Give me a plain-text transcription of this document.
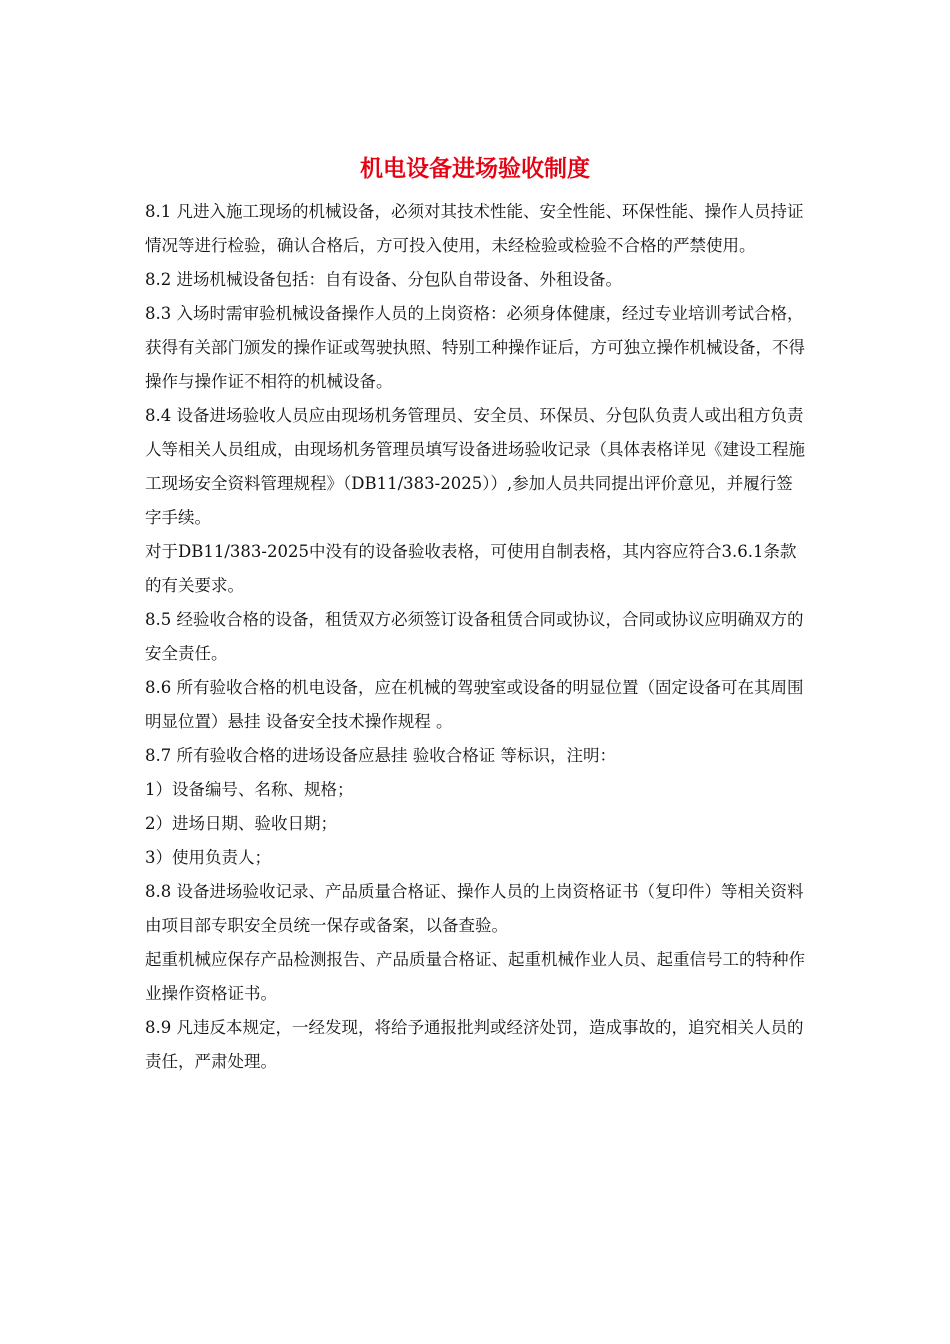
机电设备进场验收制度

8.1 凡进入施工现场的机械设备，必须对其技术性能、安全性能、环保性能、操作人员持证情况等进行检验，确认合格后，方可投入使用，未经检验或检验不合格的严禁使用。

8.2 进场机械设备包括：自有设备、分包队自带设备、外租设备。

8.3 入场时需审验机械设备操作人员的上岗资格：必须身体健康，经过专业培训考试合格，获得有关部门颁发的操作证或驾驶执照、特别工种操作证后，方可独立操作机械设备，不得操作与操作证不相符的机械设备。

8.4 设备进场验收人员应由现场机务管理员、安全员、环保员、分包队负责人或出租方负责人等相关人员组成，由现场机务管理员填写设备进场验收记录（具体表格详见《建设工程施工现场安全资料管理规程》（DB11/383-2025））,参加人员共同提出评价意见，并履行签字手续。

对于DB11/383-2025中没有的设备验收表格，可使用自制表格，其内容应符合3.6.1条款的有关要求。

8.5 经验收合格的设备，租赁双方必须签订设备租赁合同或协议，合同或协议应明确双方的安全责任。

8.6 所有验收合格的机电设备，应在机械的驾驶室或设备的明显位置（固定设备可在其周围明显位置）悬挂 设备安全技术操作规程 。

8.7 所有验收合格的进场设备应悬挂 验收合格证 等标识，注明：

1）设备编号、名称、规格；

2）进场日期、验收日期；

3）使用负责人；

8.8 设备进场验收记录、产品质量合格证、操作人员的上岗资格证书（复印件）等相关资料由项目部专职安全员统一保存或备案，以备查验。

起重机械应保存产品检测报告、产品质量合格证、起重机械作业人员、起重信号工的特种作业操作资格证书。

8.9 凡违反本规定，一经发现，将给予通报批判或经济处罚，造成事故的，追究相关人员的责任，严肃处理。
